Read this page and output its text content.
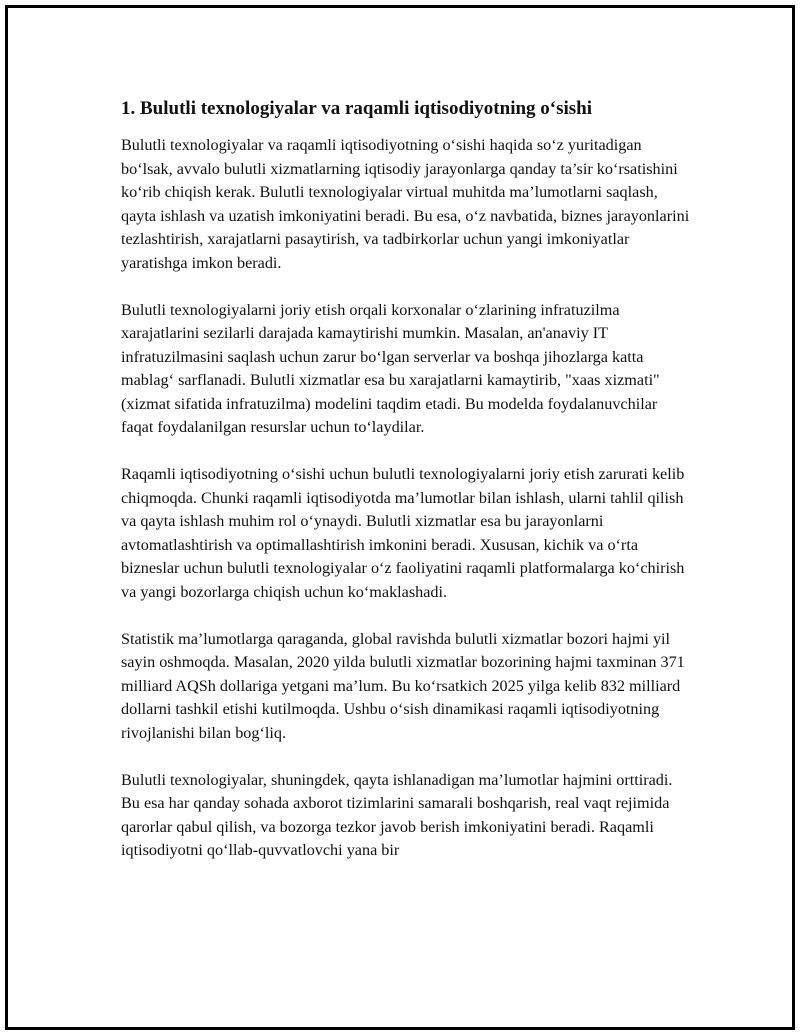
1. Bulutli texnologiyalar va raqamli iqtisodiyotning o‘sishi

Bulutli texnologiyalar va raqamli iqtisodiyotning o‘sishi haqida so‘z yuritadigan bo‘lsak, avvalo bulutli xizmatlarning iqtisodiy jarayonlarga qanday ta’sir ko‘rsatishini ko‘rib chiqish kerak. Bulutli texnologiyalar virtual muhitda ma’lumotlarni saqlash, qayta ishlash va uzatish imkoniyatini beradi. Bu esa, o‘z navbatida, biznes jarayonlarini tezlashtirish, xarajatlarni pasaytirish, va tadbirkorlar uchun yangi imkoniyatlar yaratishga imkon beradi.

Bulutli texnologiyalarni joriy etish orqali korxonalar o‘zlarining infratuzilma xarajatlarini sezilarli darajada kamaytirishi mumkin. Masalan, an'anaviy IT infratuzilmasini saqlash uchun zarur bo‘lgan serverlar va boshqa jihozlarga katta mablag‘ sarflanadi. Bulutli xizmatlar esa bu xarajatlarni kamaytirib, "xaas xizmati" (xizmat sifatida infratuzilma) modelini taqdim etadi. Bu modelda foydalanuvchilar faqat foydalanilgan resurslar uchun to‘laydilar.

Raqamli iqtisodiyotning o‘sishi uchun bulutli texnologiyalarni joriy etish zarurati kelib chiqmoqda. Chunki raqamli iqtisodiyotda ma’lumotlar bilan ishlash, ularni tahlil qilish va qayta ishlash muhim rol o‘ynaydi. Bulutli xizmatlar esa bu jarayonlarni avtomatlashtirish va optimallashtirish imkonini beradi. Xususan, kichik va o‘rta bizneslar uchun bulutli texnologiyalar o‘z faoliyatini raqamli platformalarga ko‘chirish va yangi bozorlarga chiqish uchun ko‘maklashadi.

Statistik ma’lumotlarga qaraganda, global ravishda bulutli xizmatlar bozori hajmi yil sayin oshmoqda. Masalan, 2020 yilda bulutli xizmatlar bozorining hajmi taxminan 371 milliard AQSh dollariga yetgani ma’lum. Bu ko‘rsatkich 2025 yilga kelib 832 milliard dollarni tashkil etishi kutilmoqda. Ushbu o‘sish dinamikasi raqamli iqtisodiyotning rivojlanishi bilan bog‘liq.

Bulutli texnologiyalar, shuningdek, qayta ishlanadigan ma’lumotlar hajmini orttiradi. Bu esa har qanday sohada axborot tizimlarini samarali boshqarish, real vaqt rejimida qarorlar qabul qilish, va bozorga tezkor javob berish imkoniyatini beradi. Raqamli iqtisodiyotni qo‘llab-quvvatlovchi yana bir
